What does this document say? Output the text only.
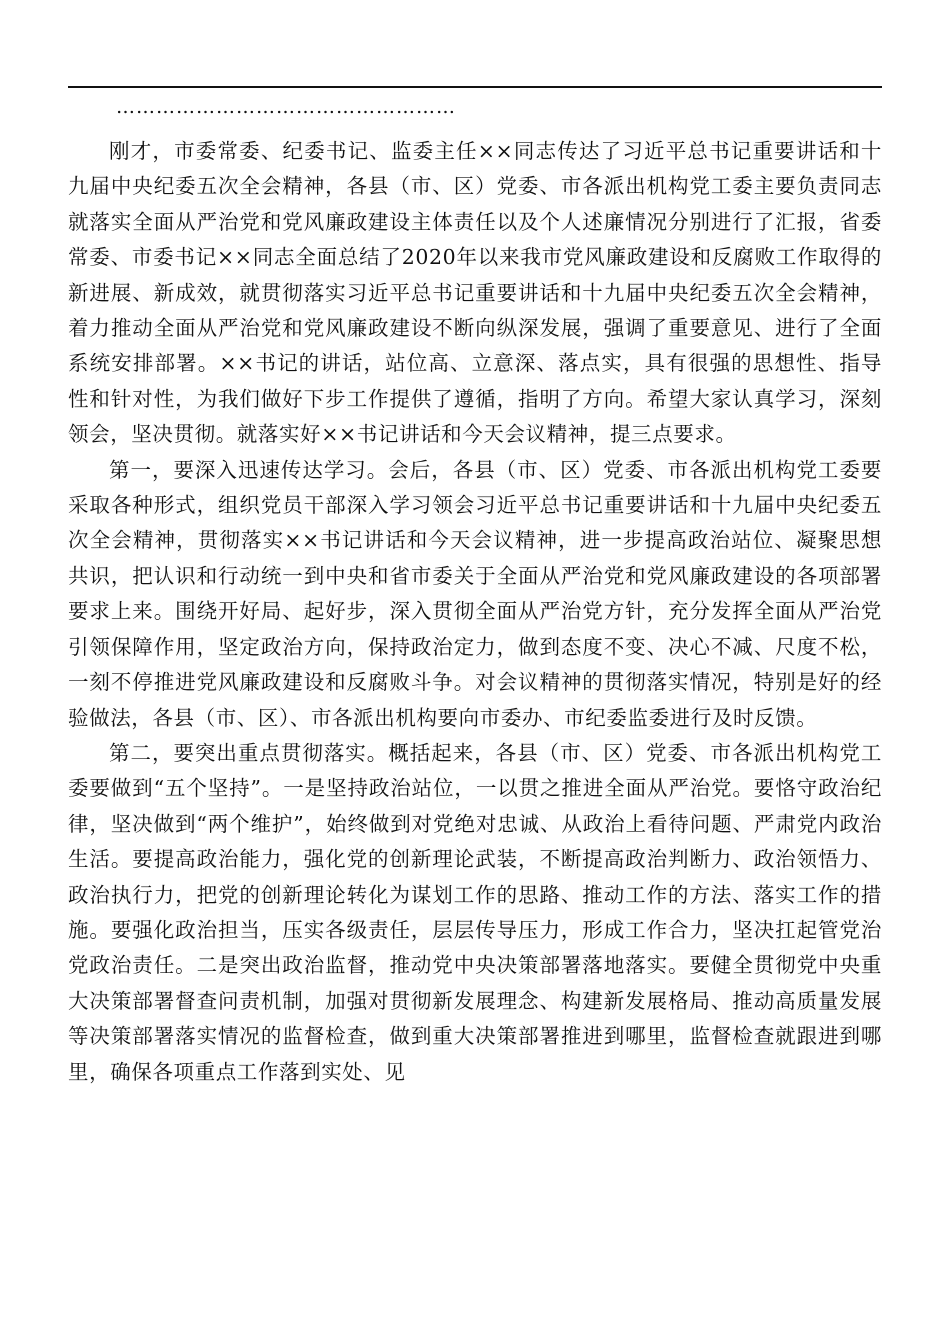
……………………………………………

刚才，市委常委、纪委书记、监委主任××同志传达了习近平总书记重要讲话和十九届中央纪委五次全会精神，各县（市、区）党委、市各派出机构党工委主要负责同志就落实全面从严治党和党风廉政建设主体责任以及个人述廉情况分别进行了汇报，省委常委、市委书记××同志全面总结了2020年以来我市党风廉政建设和反腐败工作取得的新进展、新成效，就贯彻落实习近平总书记重要讲话和十九届中央纪委五次全会精神，着力推动全面从严治党和党风廉政建设不断向纵深发展，强调了重要意见、进行了全面系统安排部署。××书记的讲话，站位高、立意深、落点实，具有很强的思想性、指导性和针对性，为我们做好下步工作提供了遵循，指明了方向。希望大家认真学习，深刻领会，坚决贯彻。就落实好××书记讲话和今天会议精神，提三点要求。

第一，要深入迅速传达学习。会后，各县（市、区）党委、市各派出机构党工委要采取各种形式，组织党员干部深入学习领会习近平总书记重要讲话和十九届中央纪委五次全会精神，贯彻落实××书记讲话和今天会议精神，进一步提高政治站位、凝聚思想共识，把认识和行动统一到中央和省市委关于全面从严治党和党风廉政建设的各项部署要求上来。围绕开好局、起好步，深入贯彻全面从严治党方针，充分发挥全面从严治党引领保障作用，坚定政治方向，保持政治定力，做到态度不变、决心不减、尺度不松，一刻不停推进党风廉政建设和反腐败斗争。对会议精神的贯彻落实情况，特别是好的经验做法，各县（市、区）、市各派出机构要向市委办、市纪委监委进行及时反馈。

第二，要突出重点贯彻落实。概括起来，各县（市、区）党委、市各派出机构党工委要做到“五个坚持”。一是坚持政治站位，一以贯之推进全面从严治党。要恪守政治纪律，坚决做到“两个维护”，始终做到对党绝对忠诚、从政治上看待问题、严肃党内政治生活。要提高政治能力，强化党的创新理论武装，不断提高政治判断力、政治领悟力、政治执行力，把党的创新理论转化为谋划工作的思路、推动工作的方法、落实工作的措施。要强化政治担当，压实各级责任，层层传导压力，形成工作合力，坚决扛起管党治党政治责任。二是突出政治监督，推动党中央决策部署落地落实。要健全贯彻党中央重大决策部署督查问责机制，加强对贯彻新发展理念、构建新发展格局、推动高质量发展等决策部署落实情况的监督检查，做到重大决策部署推进到哪里，监督检查就跟进到哪里，确保各项重点工作落到实处、见
